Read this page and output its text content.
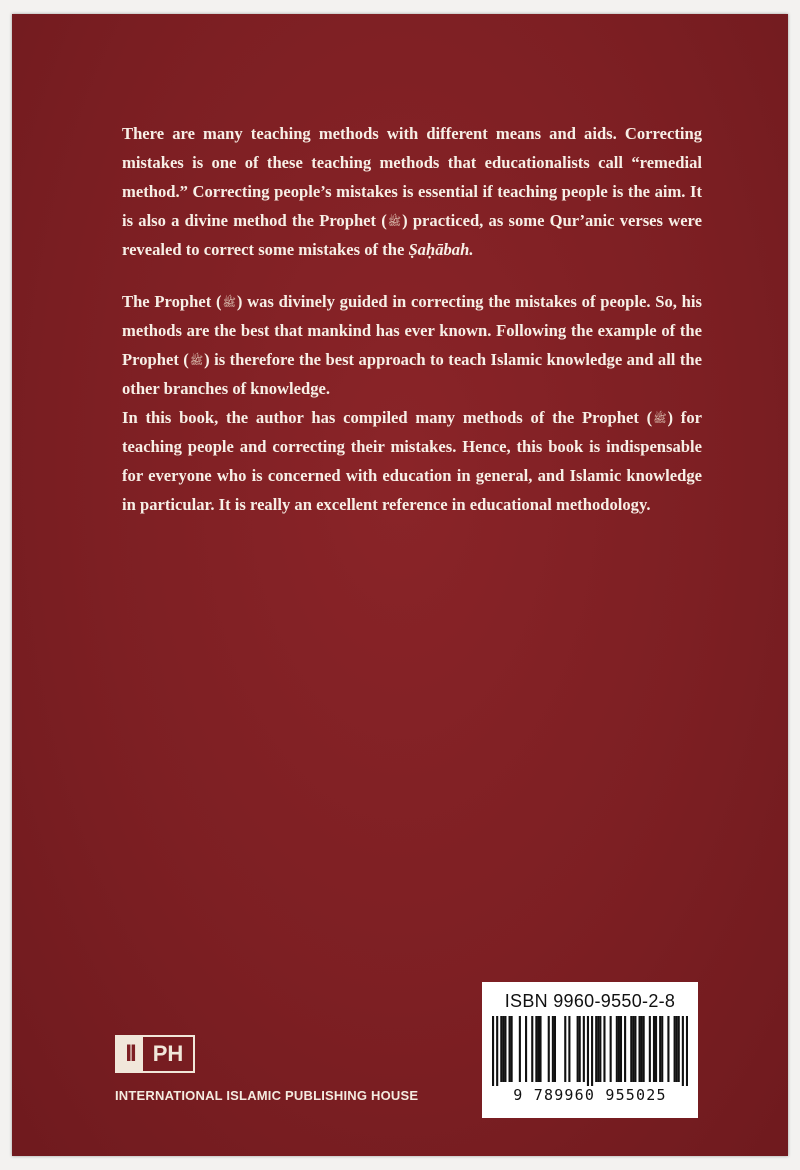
There are many teaching methods with different means and aids. Correcting mistakes is one of these teaching methods that educationalists call “remedial method.” Correcting people’s mistakes is essential if teaching people is the aim. It is also a divine method the Prophet (ﷺ) practiced, as some Qur’anic verses were revealed to correct some mistakes of the Ṣaḥābah.

The Prophet (ﷺ) was divinely guided in correcting the mistakes of people. So, his methods are the best that mankind has ever known. Following the example of the Prophet (ﷺ) is therefore the best approach to teach Islamic knowledge and all the other branches of knowledge.

In this book, the author has compiled many methods of the Prophet (ﷺ) for teaching people and correcting their mistakes. Hence, this book is indispensable for everyone who is concerned with education in general, and Islamic knowledge in particular. It is really an excellent reference in educational methodology.

II PH
INTERNATIONAL ISLAMIC PUBLISHING HOUSE
ISBN 9960-9550-2-8
9 789960 955025
